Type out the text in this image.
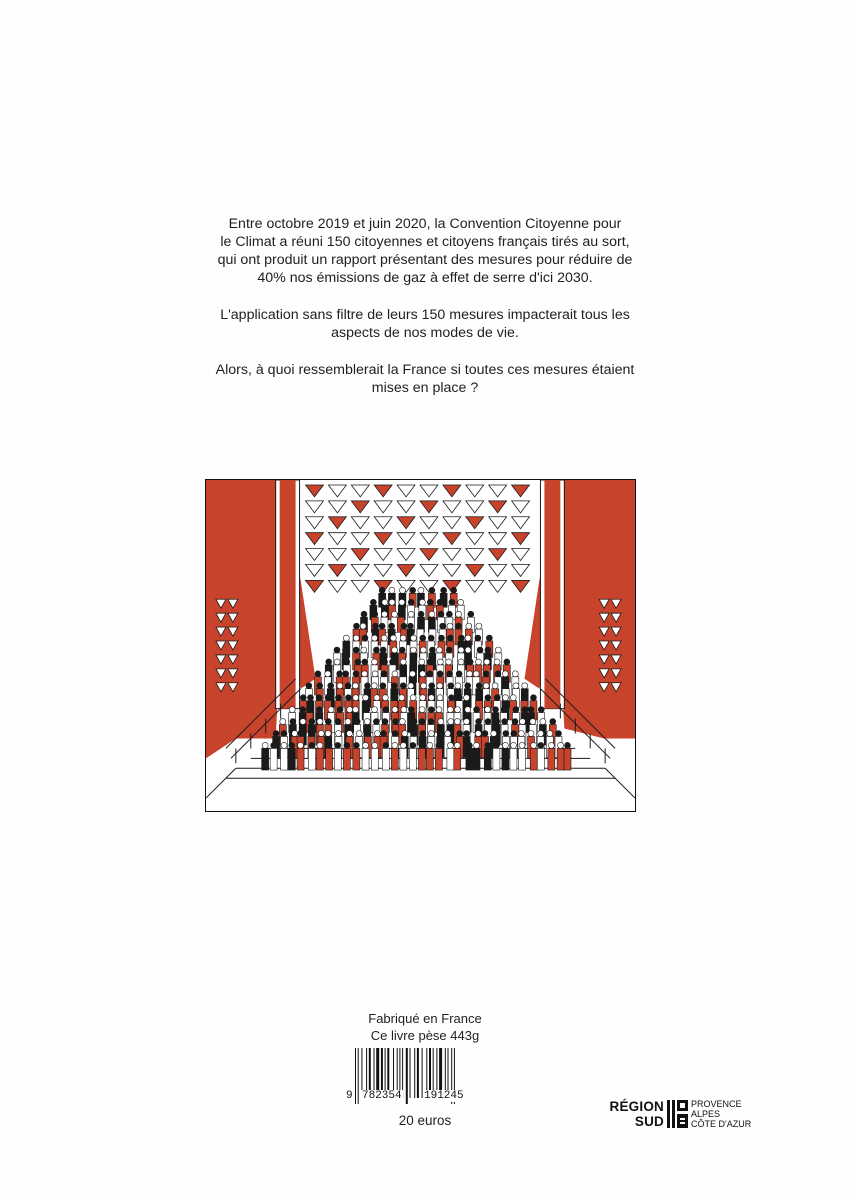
Entre octobre 2019 et juin 2020, la Convention Citoyenne pour
le Climat a réuni 150 citoyennes et citoyens français tirés au sort,
qui ont produit un rapport présentant des mesures pour réduire de
40% nos émissions de gaz à effet de serre d'ici 2030.

L'application sans filtre de leurs 150 mesures impacterait tous les
aspects de nos modes de vie.

Alors, à quoi ressemblerait la France si toutes ces mesures étaient
mises en place ?

Fabriqué en France
Ce livre pèse 443g
9 782354 191245
20 euros
RÉGION
SUD
PROVENCE
ALPES
CÔTE D'AZUR
